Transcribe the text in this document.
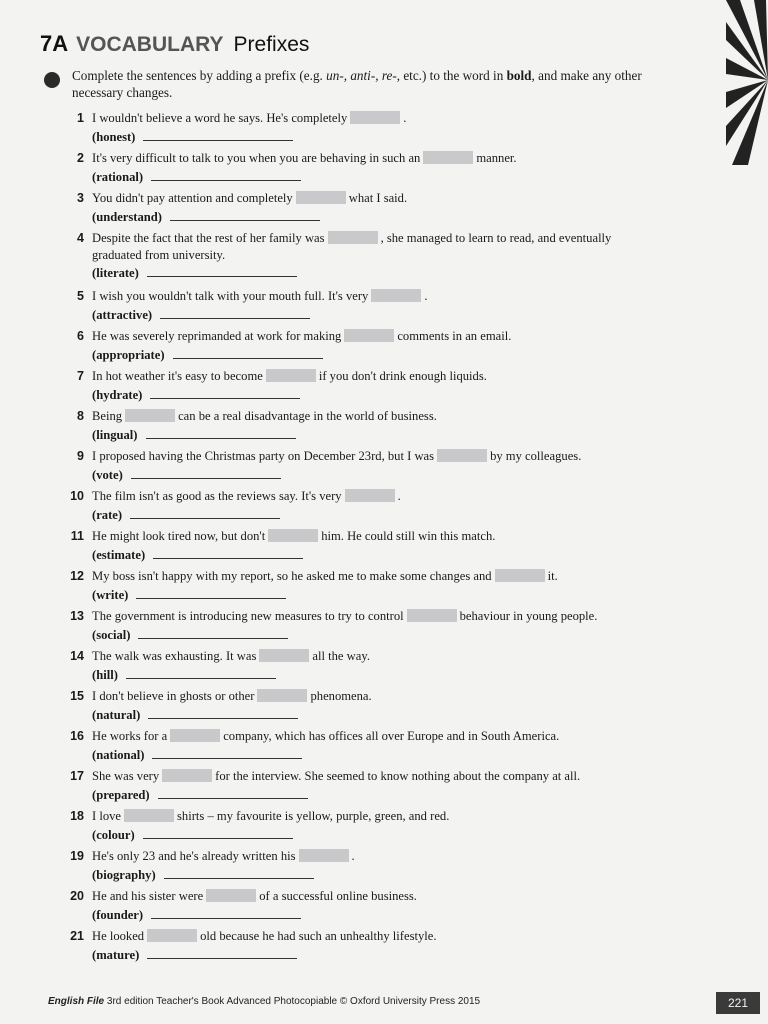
7A VOCABULARY Prefixes
Complete the sentences by adding a prefix (e.g. un-, anti-, re-, etc.) to the word in bold, and make any other necessary changes.
1 I wouldn't believe a word he says. He's completely	.
(honest)
2 It's very difficult to talk to you when you are behaving in such an	manner.
(rational)
3 You didn't pay attention and completely	what I said.
(understand)
4 Despite the fact that the rest of her family was	, she managed to learn to read, and eventually graduated from university.
(literate)
5 I wish you wouldn't talk with your mouth full. It's very	.
(attractive)
6 He was severely reprimanded at work for making	comments in an email.
(appropriate)
7 In hot weather it's easy to become	if you don't drink enough liquids.
(hydrate)
8 Being	can be a real disadvantage in the world of business.
(lingual)
9 I proposed having the Christmas party on December 23rd, but I was	by my colleagues.
(vote)
10 The film isn't as good as the reviews say. It's very	.
(rate)
11 He might look tired now, but don't	him. He could still win this match.
(estimate)
12 My boss isn't happy with my report, so he asked me to make some changes and	it.
(write)
13 The government is introducing new measures to try to control	behaviour in young people.
(social)
14 The walk was exhausting. It was	all the way.
(hill)
15 I don't believe in ghosts or other	phenomena.
(natural)
16 He works for a	company, which has offices all over Europe and in South America.
(national)
17 She was very	for the interview. She seemed to know nothing about the company at all.
(prepared)
18 I love	shirts – my favourite is yellow, purple, green, and red.
(colour)
19 He's only 23 and he's already written his	.
(biography)
20 He and his sister were	of a successful online business.
(founder)
21 He looked	old because he had such an unhealthy lifestyle.
(mature)
English File 3rd edition Teacher's Book Advanced Photocopiable © Oxford University Press 2015	221
